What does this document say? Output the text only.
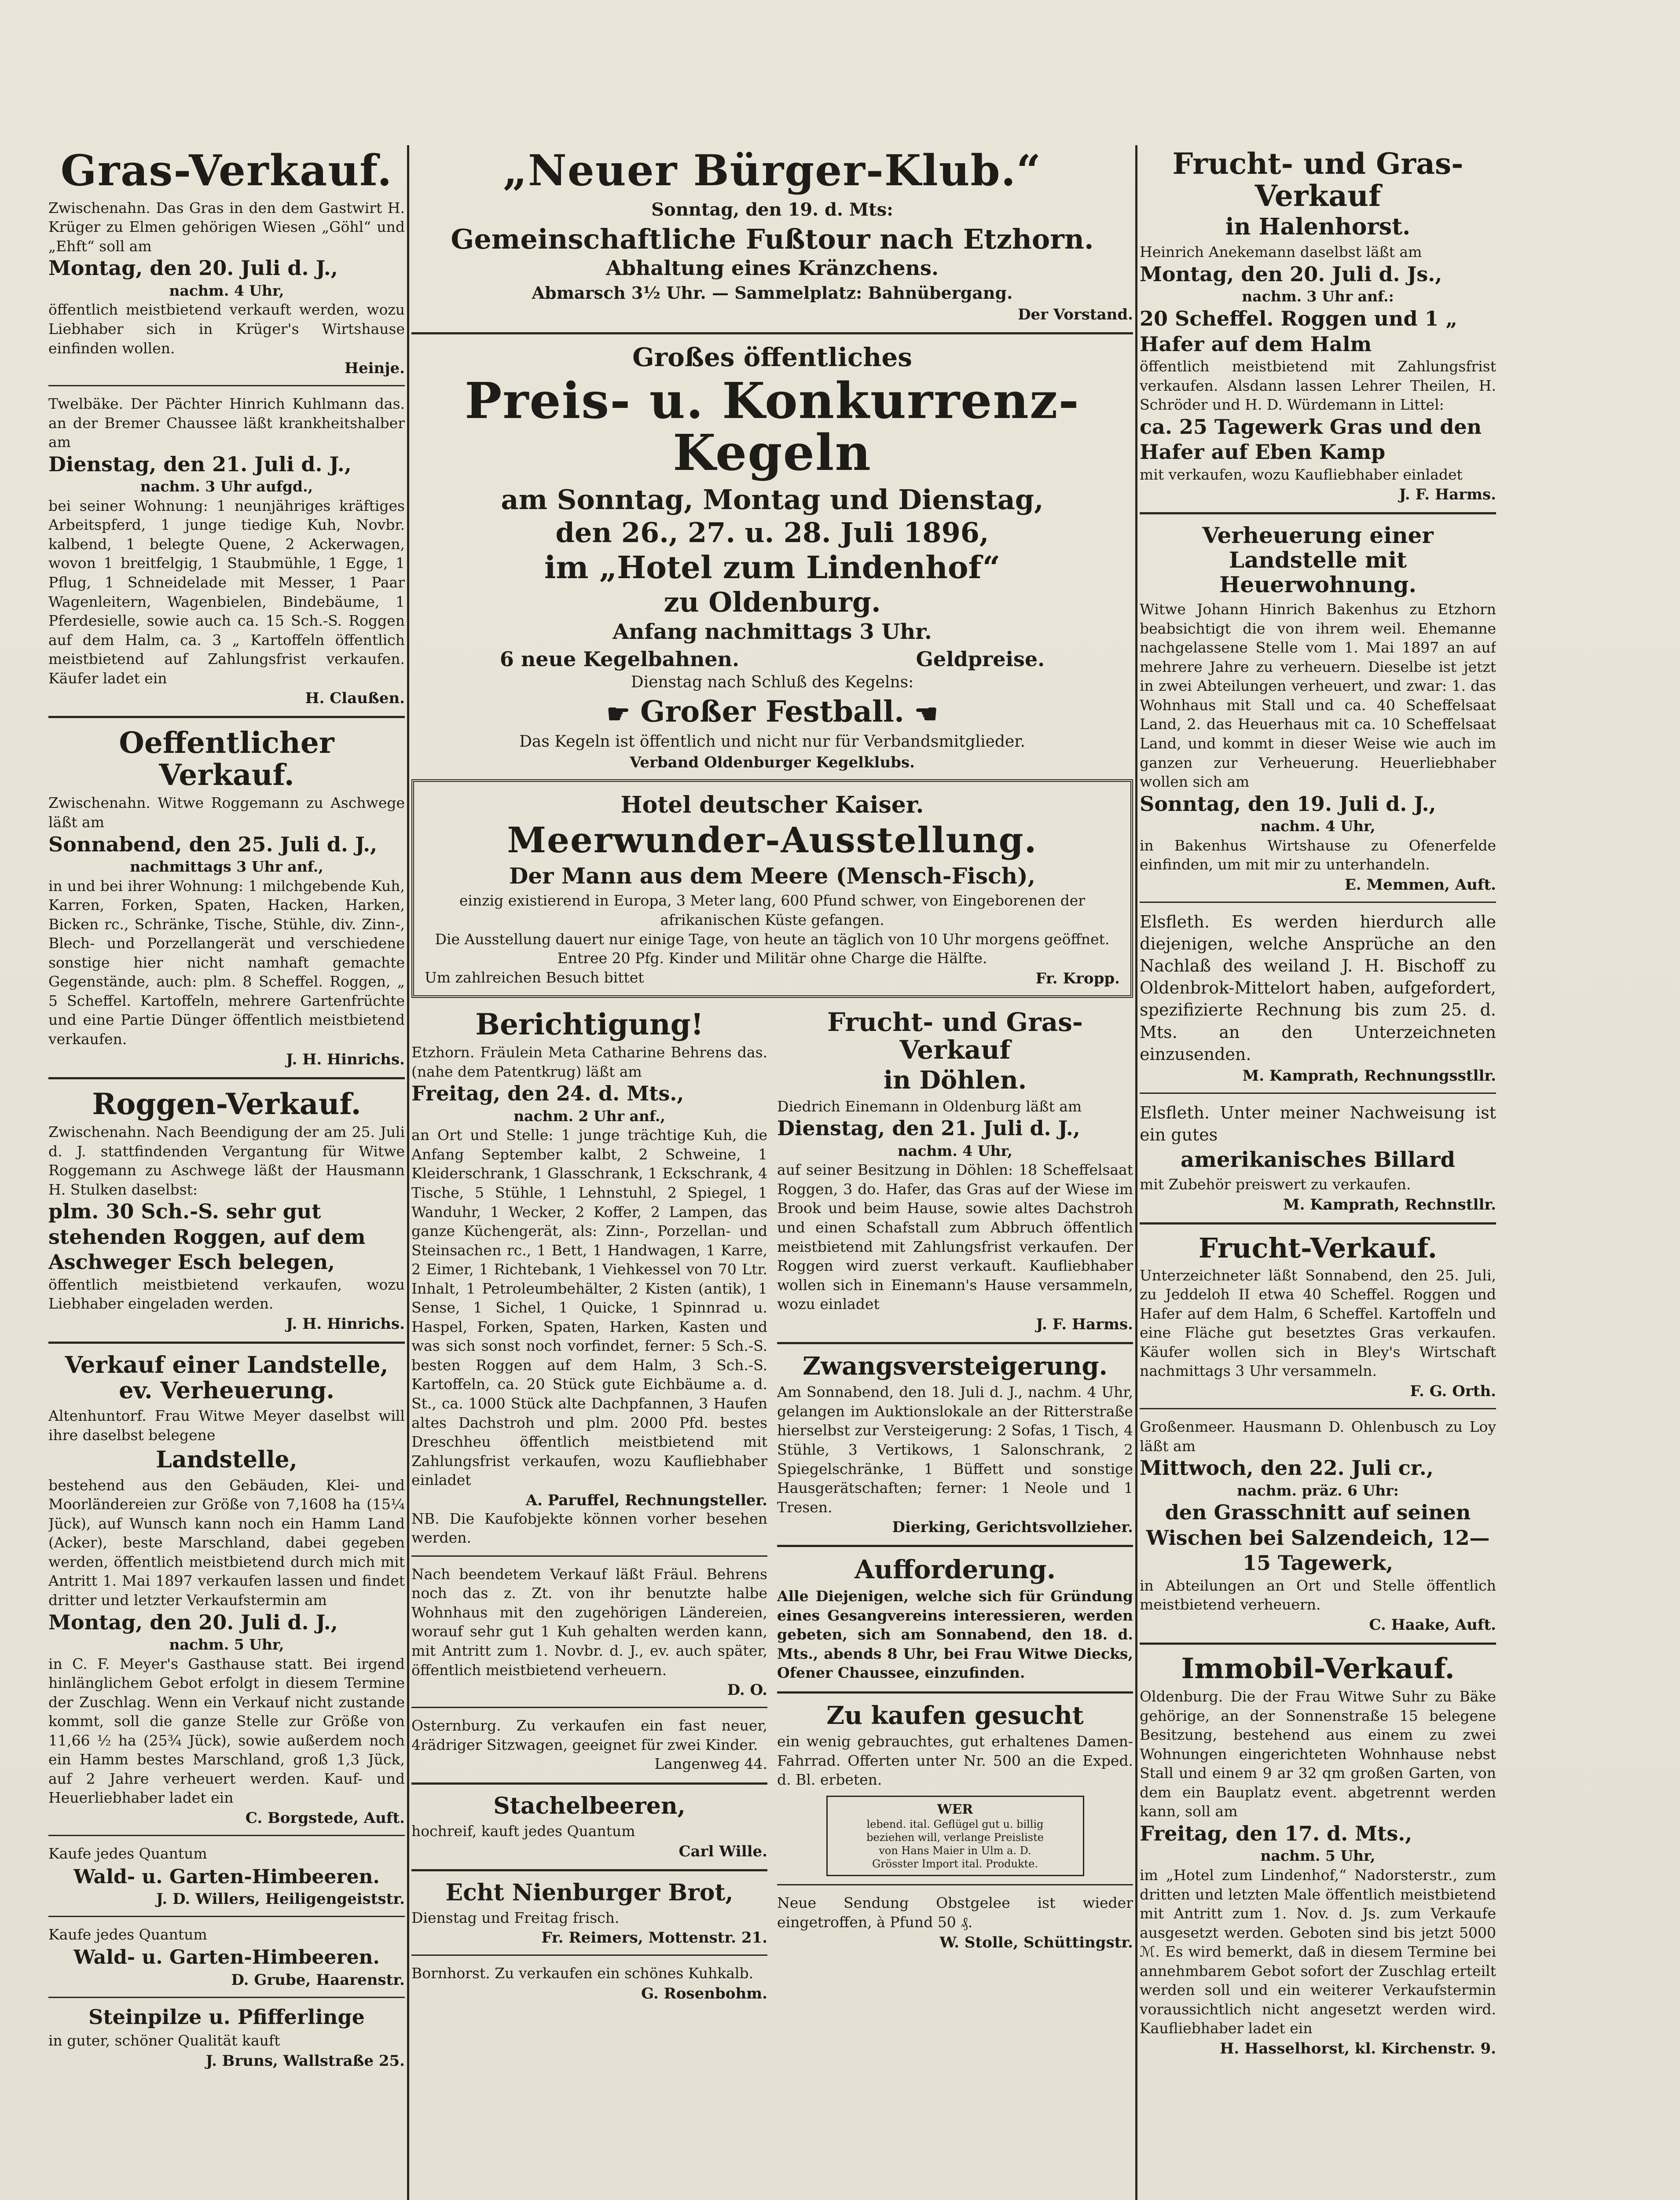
Gras-Verkauf.

Zwischenahn. Das Gras in den dem Gastwirt H. Krüger zu Elmen gehörigen Wiesen „Göhl“ und „Ehft“ soll am

Montag, den 20. Juli d. J.,
nachm. 4 Uhr,

öffentlich meistbietend verkauft werden, wozu Liebhaber sich in Krüger's Wirtshause einfinden wollen.

Heinje.

Twelbäke. Der Pächter Hinrich Kuhlmann das. an der Bremer Chaussee läßt krankheitshalber am

Dienstag, den 21. Juli d. J.,
nachm. 3 Uhr aufgd.,

bei seiner Wohnung: 1 neunjähriges kräftiges Arbeitspferd, 1 junge tiedige Kuh, Novbr. kalbend, 1 belegte Quene, 2 Ackerwagen, wovon 1 breitfelgig, 1 Staubmühle, 1 Egge, 1 Pflug, 1 Schneidelade mit Messer, 1 Paar Wagenleitern, Wagenbielen, Bindebäume, 1 Pferdesielle, sowie auch ca. 15 Sch.-S. Roggen auf dem Halm, ca. 3 „ Kartoffeln öffentlich meistbietend auf Zahlungsfrist verkaufen. Käufer ladet ein

H. Claußen.
Oeffentlicher Verkauf.

Zwischenahn. Witwe Roggemann zu Aschwege läßt am

Sonnabend, den 25. Juli d. J.,
nachmittags 3 Uhr anf.,

in und bei ihrer Wohnung: 1 milchgebende Kuh, Karren, Forken, Spaten, Hacken, Harken, Bicken rc., Schränke, Tische, Stühle, div. Zinn-, Blech- und Porzellangerät und verschiedene sonstige hier nicht namhaft gemachte Gegenstände, auch: plm. 8 Scheffel. Roggen, „ 5 Scheffel. Kartoffeln, mehrere Gartenfrüchte und eine Partie Dünger öffentlich meistbietend verkaufen.

J. H. Hinrichs.
Roggen-Verkauf.

Zwischenahn. Nach Beendigung der am 25. Juli d. J. stattfindenden Vergantung für Witwe Roggemann zu Aschwege läßt der Hausmann H. Stulken daselbst:

plm. 30 Sch.-S. sehr gut stehenden Roggen, auf dem Aschweger Esch belegen,

öffentlich meistbietend verkaufen, wozu Liebhaber eingeladen werden.

J. H. Hinrichs.
Verkauf einer Landstelle, ev. Verheuerung.

Altenhuntorf. Frau Witwe Meyer daselbst will ihre daselbst belegene

Landstelle,

bestehend aus den Gebäuden, Klei- und Moorländereien zur Größe von 7,1608 ha (15¼ Jück), auf Wunsch kann noch ein Hamm Land (Acker), beste Marschland, dabei gegeben werden, öffentlich meistbietend durch mich mit Antritt 1. Mai 1897 verkaufen lassen und findet dritter und letzter Verkaufstermin am

Montag, den 20. Juli d. J.,
nachm. 5 Uhr,

in C. F. Meyer's Gasthause statt. Bei irgend hinlänglichem Gebot erfolgt in diesem Termine der Zuschlag. Wenn ein Verkauf nicht zustande kommt, soll die ganze Stelle zur Größe von 11,66 ½ ha (25¾ Jück), sowie außerdem noch ein Hamm bestes Marschland, groß 1,3 Jück, auf 2 Jahre verheuert werden. Kauf- und Heuerliebhaber ladet ein

C. Borgstede, Auft.

Kaufe jedes Quantum

Wald- u. Garten-Himbeeren.
J. D. Willers, Heiligengeiststr.

Kaufe jedes Quantum

Wald- u. Garten-Himbeeren.
D. Grube, Haarenstr.
Steinpilze u. Pfifferlinge

in guter, schöner Qualität kauft

J. Bruns, Wallstraße 25.
„Neuer Bürger-Klub.“
Sonntag, den 19. d. Mts:
Gemeinschaftliche Fußtour nach Etzhorn.
Abhaltung eines Kränzchens.
Abmarsch 3½ Uhr. — Sammelplatz: Bahnübergang.
Der Vorstand.
Großes öffentliches
Preis- u. Konkurrenz-Kegeln
am Sonntag, Montag und Dienstag,
den 26., 27. u. 28. Juli 1896,
im „Hotel zum Lindenhof“
zu Oldenburg.
Anfang nachmittags 3 Uhr.
6 neue Kegelbahnen.	Geldpreise.
Dienstag nach Schluß des Kegelns:
☛ Großer Festball. ☚
Das Kegeln ist öffentlich und nicht nur für Verbandsmitglieder.
Verband Oldenburger Kegelklubs.
Hotel deutscher Kaiser.
Meerwunder-Ausstellung.
Der Mann aus dem Meere (Mensch-Fisch),
einzig existierend in Europa, 3 Meter lang, 600 Pfund schwer, von Eingeborenen der afrikanischen Küste gefangen.
Die Ausstellung dauert nur einige Tage, von heute an täglich von 10 Uhr morgens geöffnet.
Entree 20 Pfg. Kinder und Militär ohne Charge die Hälfte.
Um zahlreichen Besuch bittet	Fr. Kropp.
Berichtigung!

Etzhorn. Fräulein Meta Catharine Behrens das. (nahe dem Patentkrug) läßt am

Freitag, den 24. d. Mts.,
nachm. 2 Uhr anf.,

an Ort und Stelle: 1 junge trächtige Kuh, die Anfang September kalbt, 2 Schweine, 1 Kleiderschrank, 1 Glasschrank, 1 Eckschrank, 4 Tische, 5 Stühle, 1 Lehnstuhl, 2 Spiegel, 1 Wanduhr, 1 Wecker, 2 Koffer, 2 Lampen, das ganze Küchengerät, als: Zinn-, Porzellan- und Steinsachen rc., 1 Bett, 1 Handwagen, 1 Karre, 2 Eimer, 1 Richtebank, 1 Viehkessel von 70 Ltr. Inhalt, 1 Petroleumbehälter, 2 Kisten (antik), 1 Sense, 1 Sichel, 1 Quicke, 1 Spinnrad u. Haspel, Forken, Spaten, Harken, Kasten und was sich sonst noch vorfindet, ferner: 5 Sch.-S. besten Roggen auf dem Halm, 3 Sch.-S. Kartoffeln, ca. 20 Stück gute Eichbäume a. d. St., ca. 1000 Stück alte Dachpfannen, 3 Haufen altes Dachstroh und plm. 2000 Pfd. bestes Dreschheu öffentlich meistbietend mit Zahlungsfrist verkaufen, wozu Kaufliebhaber einladet

A. Paruffel, Rechnungsteller.

NB. Die Kaufobjekte können vorher besehen werden.

Nach beendetem Verkauf läßt Fräul. Behrens noch das z. Zt. von ihr benutzte halbe Wohnhaus mit den zugehörigen Ländereien, worauf sehr gut 1 Kuh gehalten werden kann, mit Antritt zum 1. Novbr. d. J., ev. auch später, öffentlich meistbietend verheuern.

D. O.

Osternburg. Zu verkaufen ein fast neuer, 4rädriger Sitzwagen, geeignet für zwei Kinder.

Langenweg 44.
Stachelbeeren,

hochreif, kauft jedes Quantum

Carl Wille.
Echt Nienburger Brot,

Dienstag und Freitag frisch.

Fr. Reimers, Mottenstr. 21.

Bornhorst. Zu verkaufen ein schönes Kuhkalb.

G. Rosenbohm.
Frucht- und Gras-Verkauf
in Döhlen.

Diedrich Einemann in Oldenburg läßt am

Dienstag, den 21. Juli d. J.,
nachm. 4 Uhr,

auf seiner Besitzung in Döhlen: 18 Scheffelsaat Roggen, 3 do. Hafer, das Gras auf der Wiese im Brook und beim Hause, sowie altes Dachstroh und einen Schafstall zum Abbruch öffentlich meistbietend mit Zahlungsfrist verkaufen. Der Roggen wird zuerst verkauft. Kaufliebhaber wollen sich in Einemann's Hause versammeln, wozu einladet

J. F. Harms.
Zwangsversteigerung.

Am Sonnabend, den 18. Juli d. J., nachm. 4 Uhr, gelangen im Auktionslokale an der Ritterstraße hierselbst zur Versteigerung: 2 Sofas, 1 Tisch, 4 Stühle, 3 Vertikows, 1 Salonschrank, 2 Spiegelschränke, 1 Büffett und sonstige Hausgerätschaften; ferner: 1 Neole und 1 Tresen.

Dierking, Gerichtsvollzieher.
Aufforderung.

Alle Diejenigen, welche sich für Gründung eines Gesangvereins interessieren, werden gebeten, sich am Sonnabend, den 18. d. Mts., abends 8 Uhr, bei Frau Witwe Diecks, Ofener Chaussee, einzufinden.

Zu kaufen gesucht

ein wenig gebrauchtes, gut erhaltenes Damen-Fahrrad. Offerten unter Nr. 500 an die Exped. d. Bl. erbeten.

WER
lebend. ital. Geflügel gut u. billig
beziehen will, verlange Preisliste
von Hans Maier in Ulm a. D.
Grösster Import ital. Produkte.

Neue Sendung Obstgelee ist wieder eingetroffen, à Pfund 50 ₰.

W. Stolle, Schüttingstr.
Frucht- und Gras-Verkauf
in Halenhorst.

Heinrich Anekemann daselbst läßt am

Montag, den 20. Juli d. Js.,
nachm. 3 Uhr anf.:
20 Scheffel. Roggen und 1 „ Hafer auf dem Halm

öffentlich meistbietend mit Zahlungsfrist verkaufen. Alsdann lassen Lehrer Theilen, H. Schröder und H. D. Würdemann in Littel:

ca. 25 Tagewerk Gras und den Hafer auf Eben Kamp

mit verkaufen, wozu Kaufliebhaber einladet

J. F. Harms.
Verheuerung einer Landstelle mit Heuerwohnung.

Witwe Johann Hinrich Bakenhus zu Etzhorn beabsichtigt die von ihrem weil. Ehemanne nachgelassene Stelle vom 1. Mai 1897 an auf mehrere Jahre zu verheuern. Dieselbe ist jetzt in zwei Abteilungen verheuert, und zwar: 1. das Wohnhaus mit Stall und ca. 40 Scheffelsaat Land, 2. das Heuerhaus mit ca. 10 Scheffelsaat Land, und kommt in dieser Weise wie auch im ganzen zur Verheuerung. Heuerliebhaber wollen sich am

Sonntag, den 19. Juli d. J.,
nachm. 4 Uhr,

in Bakenhus Wirtshause zu Ofenerfelde einfinden, um mit mir zu unterhandeln.

E. Memmen, Auft.

Elsfleth. Es werden hierdurch alle diejenigen, welche Ansprüche an den Nachlaß des weiland J. H. Bischoff zu Oldenbrok-Mittelort haben, aufgefordert, spezifizierte Rechnung bis zum 25. d. Mts. an den Unterzeichneten einzusenden.

M. Kamprath, Rechnungsstllr.

Elsfleth. Unter meiner Nachweisung ist ein gutes

amerikanisches Billard

mit Zubehör preiswert zu verkaufen.

M. Kamprath, Rechnstllr.
Frucht-Verkauf.

Unterzeichneter läßt Sonnabend, den 25. Juli, zu Jeddeloh II etwa 40 Scheffel. Roggen und Hafer auf dem Halm, 6 Scheffel. Kartoffeln und eine Fläche gut besetztes Gras verkaufen. Käufer wollen sich in Bley's Wirtschaft nachmittags 3 Uhr versammeln.

F. G. Orth.

Großenmeer. Hausmann D. Ohlenbusch zu Loy läßt am

Mittwoch, den 22. Juli cr.,
nachm. präz. 6 Uhr:
den Grasschnitt auf seinen Wischen bei Salzendeich, 12—15 Tagewerk,

in Abteilungen an Ort und Stelle öffentlich meistbietend verheuern.

C. Haake, Auft.
Immobil-Verkauf.

Oldenburg. Die der Frau Witwe Suhr zu Bäke gehörige, an der Sonnenstraße 15 belegene Besitzung, bestehend aus einem zu zwei Wohnungen eingerichteten Wohnhause nebst Stall und einem 9 ar 32 qm großen Garten, von dem ein Bauplatz event. abgetrennt werden kann, soll am

Freitag, den 17. d. Mts.,
nachm. 5 Uhr,

im „Hotel zum Lindenhof,“ Nadorsterstr., zum dritten und letzten Male öffentlich meistbietend mit Antritt zum 1. Nov. d. Js. zum Verkaufe ausgesetzt werden. Geboten sind bis jetzt 5000 ℳ. Es wird bemerkt, daß in diesem Termine bei annehmbarem Gebot sofort der Zuschlag erteilt werden soll und ein weiterer Verkaufstermin voraussichtlich nicht angesetzt werden wird. Kaufliebhaber ladet ein

H. Hasselhorst, kl. Kirchenstr. 9.
